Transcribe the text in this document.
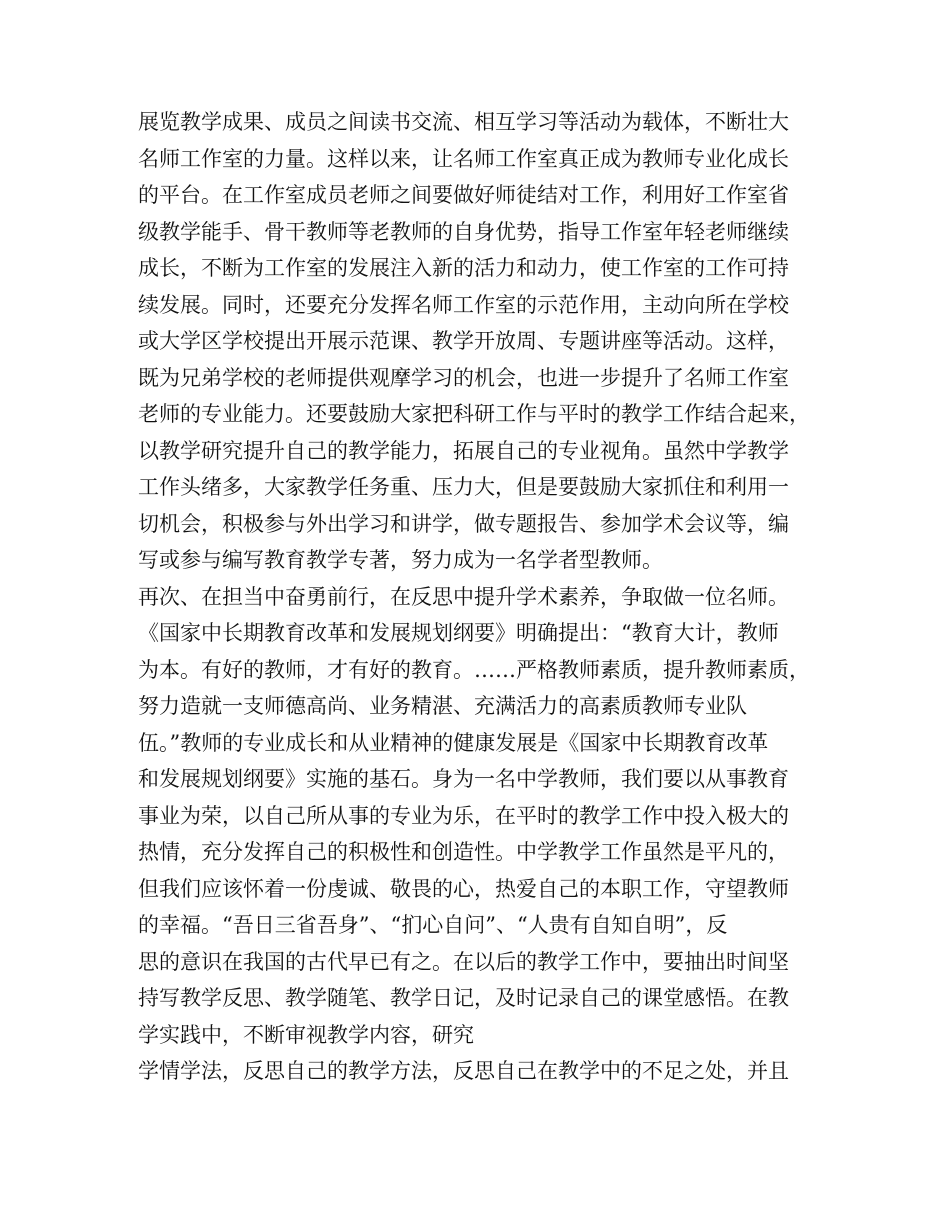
展览教学成果、成员之间读书交流、相互学习等活动为载体，不断壮大
名师工作室的力量。这样以来，让名师工作室真正成为教师专业化成长
的平台。在工作室成员老师之间要做好师徒结对工作，利用好工作室省
级教学能手、骨干教师等老教师的自身优势，指导工作室年轻老师继续
成长，不断为工作室的发展注入新的活力和动力，使工作室的工作可持
续发展。同时，还要充分发挥名师工作室的示范作用，主动向所在学校
或大学区学校提出开展示范课、教学开放周、专题讲座等活动。这样，
既为兄弟学校的老师提供观摩学习的机会，也进一步提升了名师工作室
老师的专业能力。还要鼓励大家把科研工作与平时的教学工作结合起来，
以教学研究提升自己的教学能力，拓展自己的专业视角。虽然中学教学
工作头绪多，大家教学任务重、压力大，但是要鼓励大家抓住和利用一
切机会，积极参与外出学习和讲学，做专题报告、参加学术会议等，编
写或参与编写教育教学专著，努力成为一名学者型教师。
再次、在担当中奋勇前行，在反思中提升学术素养，争取做一位名师。
《国家中长期教育改革和发展规划纲要》明确提出：“教育大计，教师
为本。有好的教师，才有好的教育。……严格教师素质，提升教师素质，
努力造就一支师德高尚、业务精湛、充满活力的高素质教师专业队
伍。”教师的专业成长和从业精神的健康发展是《国家中长期教育改革
和发展规划纲要》实施的基石。身为一名中学教师，我们要以从事教育
事业为荣，以自己所从事的专业为乐，在平时的教学工作中投入极大的
热情，充分发挥自己的积极性和创造性。中学教学工作虽然是平凡的，
但我们应该怀着一份虔诚、敬畏的心，热爱自己的本职工作，守望教师
的幸福。“吾日三省吾身”、“扪心自问”、“人贵有自知自明”，反
思的意识在我国的古代早已有之。在以后的教学工作中，要抽出时间坚
持写教学反思、教学随笔、教学日记，及时记录自己的课堂感悟。在教
学实践中，不断审视教学内容，研究
学情学法，反思自己的教学方法，反思自己在教学中的不足之处，并且
